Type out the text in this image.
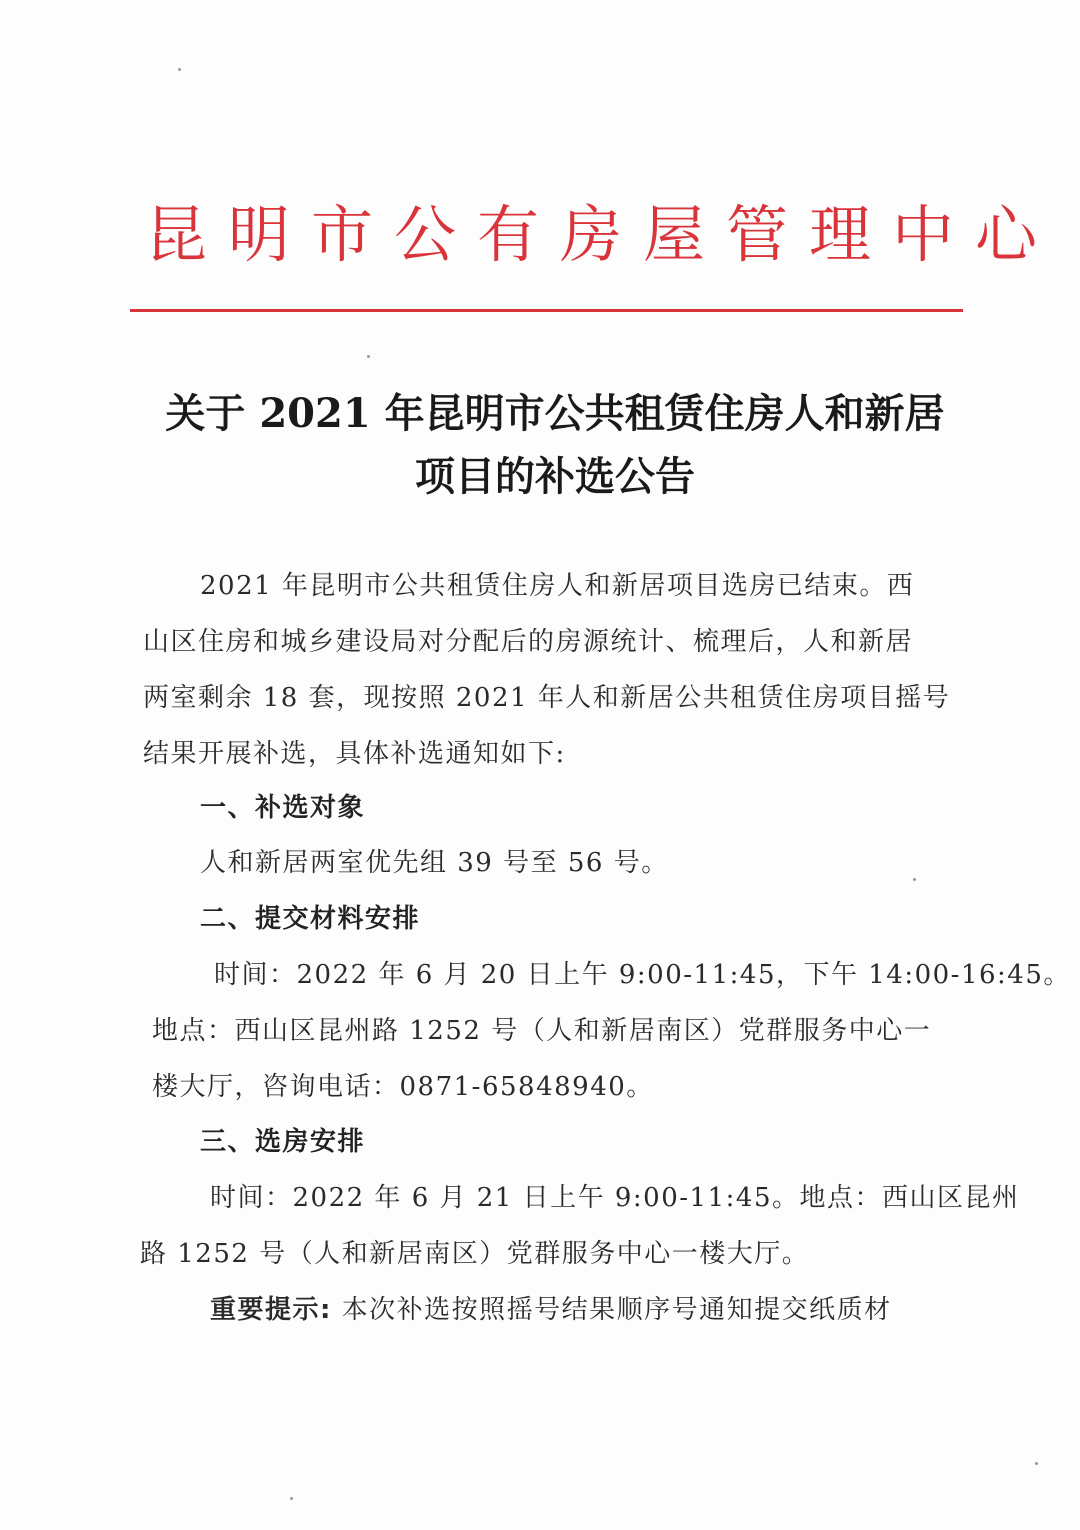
昆明市公有房屋管理中心
关于 2021 年昆明市公共租赁住房人和新居
项目的补选公告
2021 年昆明市公共租赁住房人和新居项目选房已结束。西
山区住房和城乡建设局对分配后的房源统计、梳理后，人和新居
两室剩余 18 套，现按照 2021 年人和新居公共租赁住房项目摇号
结果开展补选，具体补选通知如下:
一、补选对象
人和新居两室优先组 39 号至 56 号。
二、提交材料安排
时间：2022 年 6 月 20 日上午 9:00-11:45，下午 14:00-16:45。
地点：西山区昆州路 1252 号（人和新居南区）党群服务中心一
楼大厅，咨询电话：0871-65848940。
三、选房安排
时间：2022 年 6 月 21 日上午 9:00-11:45。地点：西山区昆州
路 1252 号（人和新居南区）党群服务中心一楼大厅。
重要提示: 本次补选按照摇号结果顺序号通知提交纸质材
